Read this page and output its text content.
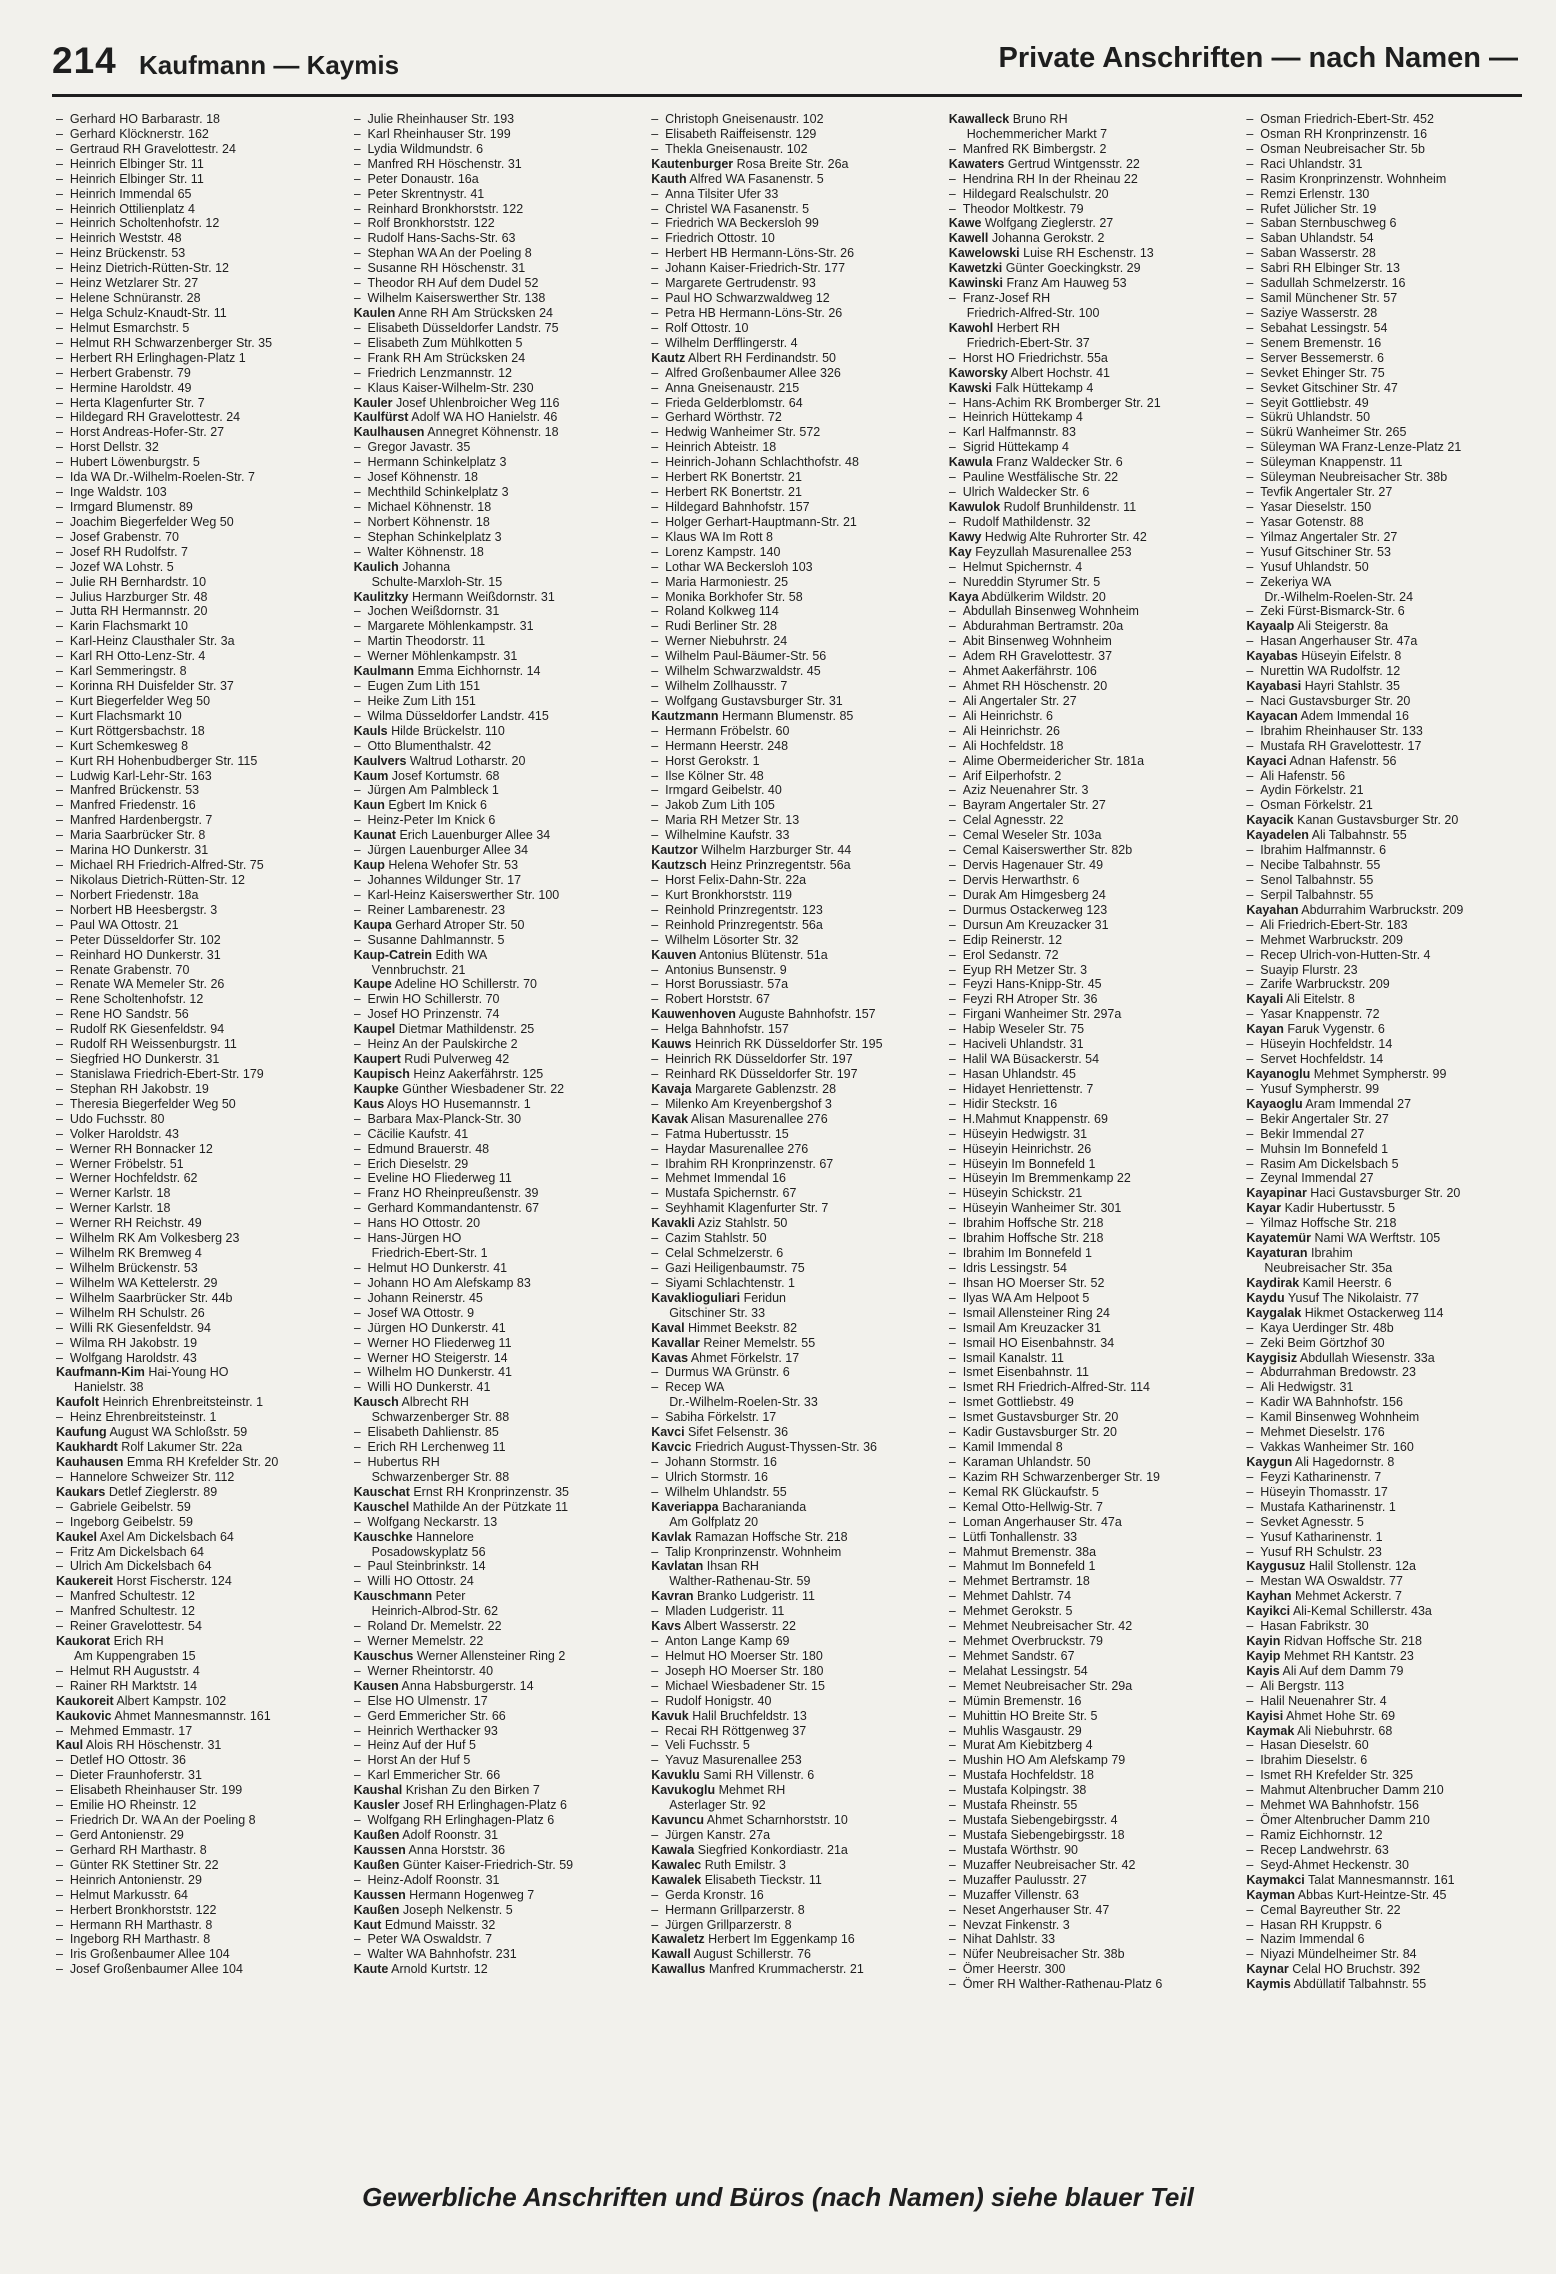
214 Kaufmann — Kaymis	Private Anschriften — nach Namen —
–  Gerhard HO Barbarastr. 18
–  Gerhard Klöcknerstr. 162
–  Gertraud RH Gravelottestr. 24
–  Heinrich Elbinger Str. 11
–  Heinrich Elbinger Str. 11
–  Heinrich Immendal 65
–  Heinrich Ottilienplatz 4
–  Heinrich Scholtenhofstr. 12
–  Heinrich Weststr. 48
–  Heinz Brückenstr. 53
–  Heinz Dietrich-Rütten-Str. 12
–  Heinz Wetzlarer Str. 27
–  Helene Schnüranstr. 28
–  Helga Schulz-Knaudt-Str. 11
–  Helmut Esmarchstr. 5
–  Helmut RH Schwarzenberger Str. 35
–  Herbert RH Erlinghagen-Platz 1
–  Herbert Grabenstr. 79
–  Hermine Haroldstr. 49
–  Herta Klagenfurter Str. 7
–  Hildegard RH Gravelottestr. 24
–  Horst Andreas-Hofer-Str. 27
–  Horst Dellstr. 32
–  Hubert Löwenburgstr. 5
–  Ida WA Dr.-Wilhelm-Roelen-Str. 7
–  Inge Waldstr. 103
–  Irmgard Blumenstr. 89
–  Joachim Biegerfelder Weg 50
–  Josef Grabenstr. 70
–  Josef RH Rudolfstr. 7
–  Jozef WA Lohstr. 5
–  Julie RH Bernhardstr. 10
–  Julius Harzburger Str. 48
–  Jutta RH Hermannstr. 20
–  Karin Flachsmarkt 10
–  Karl-Heinz Clausthaler Str. 3a
–  Karl RH Otto-Lenz-Str. 4
–  Karl Semmeringstr. 8
–  Korinna RH Duisfelder Str. 37
–  Kurt Biegerfelder Weg 50
–  Kurt Flachsmarkt 10
–  Kurt Röttgersbachstr. 18
–  Kurt Schemkesweg 8
–  Kurt RH Hohenbudberger Str. 115
–  Ludwig Karl-Lehr-Str. 163
–  Manfred Brückenstr. 53
–  Manfred Friedenstr. 16
–  Manfred Hardenbergstr. 7
–  Maria Saarbrücker Str. 8
–  Marina HO Dunkerstr. 31
–  Michael RH Friedrich-Alfred-Str. 75
–  Nikolaus Dietrich-Rütten-Str. 12
–  Norbert Friedenstr. 18a
–  Norbert HB Heesbergstr. 3
–  Paul WA Ottostr. 21
–  Peter Düsseldorfer Str. 102
–  Reinhard HO Dunkerstr. 31
–  Renate Grabenstr. 70
–  Renate WA Memeler Str. 26
–  Rene Scholtenhofstr. 12
–  Rene HO Sandstr. 56
–  Rudolf RK Giesenfeldstr. 94
–  Rudolf RH Weissenburgstr. 11
–  Siegfried HO Dunkerstr. 31
–  Stanislawa Friedrich-Ebert-Str. 179
–  Stephan RH Jakobstr. 19
–  Theresia Biegerfelder Weg 50
–  Udo Fuchsstr. 80
–  Volker Haroldstr. 43
–  Werner RH Bonnacker 12
–  Werner Fröbelstr. 51
–  Werner Hochfeldstr. 62
–  Werner Karlstr. 18
–  Werner Karlstr. 18
–  Werner RH Reichstr. 49
–  Wilhelm RK Am Volkesberg 23
–  Wilhelm RK Bremweg 4
–  Wilhelm Brückenstr. 53
–  Wilhelm WA Kettelerstr. 29
–  Wilhelm Saarbrücker Str. 44b
–  Wilhelm RH Schulstr. 26
–  Willi RK Giesenfeldstr. 94
–  Wilma RH Jakobstr. 19
–  Wolfgang Haroldstr. 43
Kaufmann-Kim Hai-Young HO
Hanielstr. 38
Kaufolt Heinrich Ehrenbreitsteinstr. 1
–  Heinz Ehrenbreitsteinstr. 1
Kaufung August WA Schloßstr. 59
Kaukhardt Rolf Lakumer Str. 22a
Kauhausen Emma RH Krefelder Str. 20
–  Hannelore Schweizer Str. 112
Kaukars Detlef Zieglerstr. 89
–  Gabriele Geibelstr. 59
–  Ingeborg Geibelstr. 59
Kaukel Axel Am Dickelsbach 64
–  Fritz Am Dickelsbach 64
–  Ulrich Am Dickelsbach 64
Kaukereit Horst Fischerstr. 124
–  Manfred Schultestr. 12
–  Manfred Schultestr. 12
–  Reiner Gravelottestr. 54
Kaukorat Erich RH
Am Kuppengraben 15
–  Helmut RH Auguststr. 4
–  Rainer RH Marktstr. 14
Kaukoreit Albert Kampstr. 102
Kaukovic Ahmet Mannesmannstr. 161
–  Mehmed Emmastr. 17
Kaul Alois RH Höschenstr. 31
–  Detlef HO Ottostr. 36
–  Dieter Fraunhoferstr. 31
–  Elisabeth Rheinhauser Str. 199
–  Emilie HO Rheinstr. 12
–  Friedrich Dr. WA An der Poeling 8
–  Gerd Antonienstr. 29
–  Gerhard RH Marthastr. 8
–  Günter RK Stettiner Str. 22
–  Heinrich Antonienstr. 29
–  Helmut Markusstr. 64
–  Herbert Bronkhorststr. 122
–  Hermann RH Marthastr. 8
–  Ingeborg RH Marthastr. 8
–  Iris Großenbaumer Allee 104
–  Josef Großenbaumer Allee 104
–  Julie Rheinhauser Str. 193
–  Karl Rheinhauser Str. 199
–  Lydia Wildmundstr. 6
–  Manfred RH Höschenstr. 31
–  Peter Donaustr. 16a
–  Peter Skrentnystr. 41
–  Reinhard Bronkhorststr. 122
–  Rolf Bronkhorststr. 122
–  Rudolf Hans-Sachs-Str. 63
–  Stephan WA An der Poeling 8
–  Susanne RH Höschenstr. 31
–  Theodor RH Auf dem Dudel 52
–  Wilhelm Kaiserswerther Str. 138
Kaulen Anne RH Am Strücksken 24
–  Elisabeth Düsseldorfer Landstr. 75
–  Elisabeth Zum Mühlkotten 5
–  Frank RH Am Strücksken 24
–  Friedrich Lenzmannstr. 12
–  Klaus Kaiser-Wilhelm-Str. 230
Kauler Josef Uhlenbroicher Weg 116
Kaulfürst Adolf WA HO Hanielstr. 46
Kaulhausen Annegret Köhnenstr. 18
–  Gregor Javastr. 35
–  Hermann Schinkelplatz 3
–  Josef Köhnenstr. 18
–  Mechthild Schinkelplatz 3
–  Michael Köhnenstr. 18
–  Norbert Köhnenstr. 18
–  Stephan Schinkelplatz 3
–  Walter Köhnenstr. 18
Kaulich Johanna
Schulte-Marxloh-Str. 15
Kaulitzky Hermann Weißdornstr. 31
–  Jochen Weißdornstr. 31
–  Margarete Möhlenkampstr. 31
–  Martin Theodorstr. 11
–  Werner Möhlenkampstr. 31
Kaulmann Emma Eichhornstr. 14
–  Eugen Zum Lith 151
–  Heike Zum Lith 151
–  Wilma Düsseldorfer Landstr. 415
Kauls Hilde Brückelstr. 110
–  Otto Blumenthalstr. 42
Kaulvers Waltrud Lotharstr. 20
Kaum Josef Kortumstr. 68
–  Jürgen Am Palmbleck 1
Kaun Egbert Im Knick 6
–  Heinz-Peter Im Knick 6
Kaunat Erich Lauenburger Allee 34
–  Jürgen Lauenburger Allee 34
Kaup Helena Wehofer Str. 53
–  Johannes Wildunger Str. 17
–  Karl-Heinz Kaiserswerther Str. 100
–  Reiner Lambarenestr. 23
Kaupa Gerhard Atroper Str. 50
–  Susanne Dahlmannstr. 5
Kaup-Catrein Edith WA
Vennbruchstr. 21
Kaupe Adeline HO Schillerstr. 70
–  Erwin HO Schillerstr. 70
–  Josef HO Prinzenstr. 74
Kaupel Dietmar Mathildenstr. 25
–  Heinz An der Paulskirche 2
Kaupert Rudi Pulverweg 42
Kaupisch Heinz Aakerfährstr. 125
Kaupke Günther Wiesbadener Str. 22
Kaus Aloys HO Husemannstr. 1
–  Barbara Max-Planck-Str. 30
–  Cäcilie Kaufstr. 41
–  Edmund Brauerstr. 48
–  Erich Dieselstr. 29
–  Eveline HO Fliederweg 11
–  Franz HO Rheinpreußenstr. 39
–  Gerhard Kommandantenstr. 67
–  Hans HO Ottostr. 20
–  Hans-Jürgen HO
Friedrich-Ebert-Str. 1
–  Helmut HO Dunkerstr. 41
–  Johann HO Am Alefskamp 83
–  Johann Reinerstr. 45
–  Josef WA Ottostr. 9
–  Jürgen HO Dunkerstr. 41
–  Werner HO Fliederweg 11
–  Werner HO Steigerstr. 14
–  Wilhelm HO Dunkerstr. 41
–  Willi HO Dunkerstr. 41
Kausch Albrecht RH
Schwarzenberger Str. 88
–  Elisabeth Dahlienstr. 85
–  Erich RH Lerchenweg 11
–  Hubertus RH
Schwarzenberger Str. 88
Kauschat Ernst RH Kronprinzenstr. 35
Kauschel Mathilde An der Pützkate 11
–  Wolfgang Neckarstr. 13
Kauschke Hannelore
Posadowskyplatz 56
–  Paul Steinbrinkstr. 14
–  Willi HO Ottostr. 24
Kauschmann Peter
Heinrich-Albrod-Str. 62
–  Roland Dr. Memelstr. 22
–  Werner Memelstr. 22
Kauschus Werner Allensteiner Ring 2
–  Werner Rheintorstr. 40
Kausen Anna Habsburgerstr. 14
–  Else HO Ulmenstr. 17
–  Gerd Emmericher Str. 66
–  Heinrich Werthacker 93
–  Heinz Auf der Huf 5
–  Horst An der Huf 5
–  Karl Emmericher Str. 66
Kaushal Krishan Zu den Birken 7
Kausler Josef RH Erlinghagen-Platz 6
–  Wolfgang RH Erlinghagen-Platz 6
Kaußen Adolf Roonstr. 31
Kaussen Anna Horststr. 36
Kaußen Günter Kaiser-Friedrich-Str. 59
–  Heinz-Adolf Roonstr. 31
Kaussen Hermann Hogenweg 7
Kaußen Joseph Nelkenstr. 5
Kaut Edmund Maisstr. 32
–  Peter WA Oswaldstr. 7
–  Walter WA Bahnhofstr. 231
Kaute Arnold Kurtstr. 12
–  Christoph Gneisenaustr. 102
–  Elisabeth Raiffeisenstr. 129
–  Thekla Gneisenaustr. 102
Kautenburger Rosa Breite Str. 26a
Kauth Alfred WA Fasanenstr. 5
–  Anna Tilsiter Ufer 33
–  Christel WA Fasanenstr. 5
–  Friedrich WA Beckersloh 99
–  Friedrich Ottostr. 10
–  Herbert HB Hermann-Löns-Str. 26
–  Johann Kaiser-Friedrich-Str. 177
–  Margarete Gertrudenstr. 93
–  Paul HO Schwarzwaldweg 12
–  Petra HB Hermann-Löns-Str. 26
–  Rolf Ottostr. 10
–  Wilhelm Derfflingerstr. 4
Kautz Albert RH Ferdinandstr. 50
–  Alfred Großenbaumer Allee 326
–  Anna Gneisenaustr. 215
–  Frieda Gelderblomstr. 64
–  Gerhard Wörthstr. 72
–  Hedwig Wanheimer Str. 572
–  Heinrich Abteistr. 18
–  Heinrich-Johann Schlachthofstr. 48
–  Herbert RK Bonertstr. 21
–  Herbert RK Bonertstr. 21
–  Hildegard Bahnhofstr. 157
–  Holger Gerhart-Hauptmann-Str. 21
–  Klaus WA Im Rott 8
–  Lorenz Kampstr. 140
–  Lothar WA Beckersloh 103
–  Maria Harmoniestr. 25
–  Monika Borkhofer Str. 58
–  Roland Kolkweg 114
–  Rudi Berliner Str. 28
–  Werner Niebuhrstr. 24
–  Wilhelm Paul-Bäumer-Str. 56
–  Wilhelm Schwarzwaldstr. 45
–  Wilhelm Zollhausstr. 7
–  Wolfgang Gustavsburger Str. 31
Kautzmann Hermann Blumenstr. 85
–  Hermann Fröbelstr. 60
–  Hermann Heerstr. 248
–  Horst Gerokstr. 1
–  Ilse Kölner Str. 48
–  Irmgard Geibelstr. 40
–  Jakob Zum Lith 105
–  Maria RH Metzer Str. 13
–  Wilhelmine Kaufstr. 33
Kautzor Wilhelm Harzburger Str. 44
Kautzsch Heinz Prinzregentstr. 56a
–  Horst Felix-Dahn-Str. 22a
–  Kurt Bronkhorststr. 119
–  Reinhold Prinzregentstr. 123
–  Reinhold Prinzregentstr. 56a
–  Wilhelm Lösorter Str. 32
Kauven Antonius Blütenstr. 51a
–  Antonius Bunsenstr. 9
–  Horst Borussiastr. 57a
–  Robert Horststr. 67
Kauwenhoven Auguste Bahnhofstr. 157
–  Helga Bahnhofstr. 157
Kauws Heinrich RK Düsseldorfer Str. 195
–  Heinrich RK Düsseldorfer Str. 197
–  Reinhard RK Düsseldorfer Str. 197
Kavaja Margarete Gablenzstr. 28
–  Milenko Am Kreyenbergshof 3
Kavak Alisan Masurenallee 276
–  Fatma Hubertusstr. 15
–  Haydar Masurenallee 276
–  Ibrahim RH Kronprinzenstr. 67
–  Mehmet Immendal 16
–  Mustafa Spichernstr. 67
–  Seyhhamit Klagenfurter Str. 7
Kavakli Aziz Stahlstr. 50
–  Cazim Stahlstr. 50
–  Celal Schmelzerstr. 6
–  Gazi Heiligenbaumstr. 75
–  Siyami Schlachtenstr. 1
Kavaklioguliari Feridun
Gitschiner Str. 33
Kaval Himmet Beekstr. 82
Kavallar Reiner Memelstr. 55
Kavas Ahmet Förkelstr. 17
–  Durmus WA Grünstr. 6
–  Recep WA
Dr.-Wilhelm-Roelen-Str. 33
–  Sabiha Förkelstr. 17
Kavci Sifet Felsenstr. 36
Kavcic Friedrich August-Thyssen-Str. 36
–  Johann Stormstr. 16
–  Ulrich Stormstr. 16
–  Wilhelm Uhlandstr. 55
Kaveriappa Bacharanianda
Am Golfplatz 20
Kavlak Ramazan Hoffsche Str. 218
–  Talip Kronprinzenstr. Wohnheim
Kavlatan Ihsan RH
Walther-Rathenau-Str. 59
Kavran Branko Ludgeristr. 11
–  Mladen Ludgeristr. 11
Kavs Albert Wasserstr. 22
–  Anton Lange Kamp 69
–  Helmut HO Moerser Str. 180
–  Joseph HO Moerser Str. 180
–  Michael Wiesbadener Str. 15
–  Rudolf Honigstr. 40
Kavuk Halil Bruchfeldstr. 13
–  Recai RH Röttgenweg 37
–  Veli Fuchsstr. 5
–  Yavuz Masurenallee 253
Kavuklu Sami RH Villenstr. 6
Kavukoglu Mehmet RH
Asterlager Str. 92
Kavuncu Ahmet Scharnhorststr. 10
–  Jürgen Kanstr. 27a
Kawala Siegfried Konkordiastr. 21a
Kawalec Ruth Emilstr. 3
Kawalek Elisabeth Tieckstr. 11
–  Gerda Kronstr. 16
–  Hermann Grillparzerstr. 8
–  Jürgen Grillparzerstr. 8
Kawaletz Herbert Im Eggenkamp 16
Kawall August Schillerstr. 76
Kawallus Manfred Krummacherstr. 21
Kawalleck Bruno RH
Hochemmericher Markt 7
–  Manfred RK Bimbergstr. 2
Kawaters Gertrud Wintgensstr. 22
–  Hendrina RH In der Rheinau 22
–  Hildegard Realschulstr. 20
–  Theodor Moltkestr. 79
Kawe Wolfgang Zieglerstr. 27
Kawell Johanna Gerokstr. 2
Kawelowski Luise RH Eschenstr. 13
Kawetzki Günter Goeckingkstr. 29
Kawinski Franz Am Hauweg 53
–  Franz-Josef RH
Friedrich-Alfred-Str. 100
Kawohl Herbert RH
Friedrich-Ebert-Str. 37
–  Horst HO Friedrichstr. 55a
Kaworsky Albert Hochstr. 41
Kawski Falk Hüttekamp 4
–  Hans-Achim RK Bromberger Str. 21
–  Heinrich Hüttekamp 4
–  Karl Halfmannstr. 83
–  Sigrid Hüttekamp 4
Kawula Franz Waldecker Str. 6
–  Pauline Westfälische Str. 22
–  Ulrich Waldecker Str. 6
Kawulok Rudolf Brunhildenstr. 11
–  Rudolf Mathildenstr. 32
Kawy Hedwig Alte Ruhrorter Str. 42
Kay Feyzullah Masurenallee 253
–  Helmut Spichernstr. 4
–  Nureddin Styrumer Str. 5
Kaya Abdülkerim Wildstr. 20
–  Abdullah Binsenweg Wohnheim
–  Abdurahman Bertramstr. 20a
–  Abit Binsenweg Wohnheim
–  Adem RH Gravelottestr. 37
–  Ahmet Aakerfährstr. 106
–  Ahmet RH Höschenstr. 20
–  Ali Angertaler Str. 27
–  Ali Heinrichstr. 6
–  Ali Heinrichstr. 26
–  Ali Hochfeldstr. 18
–  Alime Obermeidericher Str. 181a
–  Arif Eilperhofstr. 2
–  Aziz Neuenahrer Str. 3
–  Bayram Angertaler Str. 27
–  Celal Agnesstr. 22
–  Cemal Weseler Str. 103a
–  Cemal Kaiserswerther Str. 82b
–  Dervis Hagenauer Str. 49
–  Dervis Herwarthstr. 6
–  Durak Am Himgesberg 24
–  Durmus Ostackerweg 123
–  Dursun Am Kreuzacker 31
–  Edip Reinerstr. 12
–  Erol Sedanstr. 72
–  Eyup RH Metzer Str. 3
–  Feyzi Hans-Knipp-Str. 45
–  Feyzi RH Atroper Str. 36
–  Firgani Wanheimer Str. 297a
–  Habip Weseler Str. 75
–  Haciveli Uhlandstr. 31
–  Halil WA Büsackerstr. 54
–  Hasan Uhlandstr. 45
–  Hidayet Henriettenstr. 7
–  Hidir Steckstr. 16
–  H.Mahmut Knappenstr. 69
–  Hüseyin Hedwigstr. 31
–  Hüseyin Heinrichstr. 26
–  Hüseyin Im Bonnefeld 1
–  Hüseyin Im Bremmenkamp 22
–  Hüseyin Schickstr. 21
–  Hüseyin Wanheimer Str. 301
–  Ibrahim Hoffsche Str. 218
–  Ibrahim Hoffsche Str. 218
–  Ibrahim Im Bonnefeld 1
–  Idris Lessingstr. 54
–  Ihsan HO Moerser Str. 52
–  Ilyas WA Am Helpoot 5
–  Ismail Allensteiner Ring 24
–  Ismail Am Kreuzacker 31
–  Ismail HO Eisenbahnstr. 34
–  Ismail Kanalstr. 11
–  Ismet Eisenbahnstr. 11
–  Ismet RH Friedrich-Alfred-Str. 114
–  Ismet Gottliebstr. 49
–  Ismet Gustavsburger Str. 20
–  Kadir Gustavsburger Str. 20
–  Kamil Immendal 8
–  Karaman Uhlandstr. 50
–  Kazim RH Schwarzenberger Str. 19
–  Kemal RK Glückaufstr. 5
–  Kemal Otto-Hellwig-Str. 7
–  Loman Angerhauser Str. 47a
–  Lütfi Tonhallenstr. 33
–  Mahmut Bremenstr. 38a
–  Mahmut Im Bonnefeld 1
–  Mehmet Bertramstr. 18
–  Mehmet Dahlstr. 74
–  Mehmet Gerokstr. 5
–  Mehmet Neubreisacher Str. 42
–  Mehmet Overbruckstr. 79
–  Mehmet Sandstr. 67
–  Melahat Lessingstr. 54
–  Memet Neubreisacher Str. 29a
–  Mümin Bremenstr. 16
–  Muhittin HO Breite Str. 5
–  Muhlis Wasgaustr. 29
–  Murat Am Kiebitzberg 4
–  Mushin HO Am Alefskamp 79
–  Mustafa Hochfeldstr. 18
–  Mustafa Kolpingstr. 38
–  Mustafa Rheinstr. 55
–  Mustafa Siebengebirgsstr. 4
–  Mustafa Siebengebirgsstr. 18
–  Mustafa Wörthstr. 90
–  Muzaffer Neubreisacher Str. 42
–  Muzaffer Paulusstr. 27
–  Muzaffer Villenstr. 63
–  Neset Angerhauser Str. 47
–  Nevzat Finkenstr. 3
–  Nihat Dahlstr. 33
–  Nüfer Neubreisacher Str. 38b
–  Ömer Heerstr. 300
–  Ömer RH Walther-Rathenau-Platz 6
–  Osman Friedrich-Ebert-Str. 452
–  Osman RH Kronprinzenstr. 16
–  Osman Neubreisacher Str. 5b
–  Raci Uhlandstr. 31
–  Rasim Kronprinzenstr. Wohnheim
–  Remzi Erlenstr. 130
–  Rufet Jülicher Str. 19
–  Saban Sternbuschweg 6
–  Saban Uhlandstr. 54
–  Saban Wasserstr. 28
–  Sabri RH Elbinger Str. 13
–  Sadullah Schmelzerstr. 16
–  Samil Münchener Str. 57
–  Saziye Wasserstr. 28
–  Sebahat Lessingstr. 54
–  Senem Bremenstr. 16
–  Server Bessemerstr. 6
–  Sevket Ehinger Str. 75
–  Sevket Gitschiner Str. 47
–  Seyit Gottliebstr. 49
–  Sükrü Uhlandstr. 50
–  Sükrü Wanheimer Str. 265
–  Süleyman WA Franz-Lenze-Platz 21
–  Süleyman Knappenstr. 11
–  Süleyman Neubreisacher Str. 38b
–  Tevfik Angertaler Str. 27
–  Yasar Dieselstr. 150
–  Yasar Gotenstr. 88
–  Yilmaz Angertaler Str. 27
–  Yusuf Gitschiner Str. 53
–  Yusuf Uhlandstr. 50
–  Zekeriya WA
Dr.-Wilhelm-Roelen-Str. 24
–  Zeki Fürst-Bismarck-Str. 6
Kayaalp Ali Steigerstr. 8a
–  Hasan Angerhauser Str. 47a
Kayabas Hüseyin Eifelstr. 8
–  Nurettin WA Rudolfstr. 12
Kayabasi Hayri Stahlstr. 35
–  Naci Gustavsburger Str. 20
Kayacan Adem Immendal 16
–  Ibrahim Rheinhauser Str. 133
–  Mustafa RH Gravelottestr. 17
Kayaci Adnan Hafenstr. 56
–  Ali Hafenstr. 56
–  Aydin Förkelstr. 21
–  Osman Förkelstr. 21
Kayacik Kanan Gustavsburger Str. 20
Kayadelen Ali Talbahnstr. 55
–  Ibrahim Halfmannstr. 6
–  Necibe Talbahnstr. 55
–  Senol Talbahnstr. 55
–  Serpil Talbahnstr. 55
Kayahan Abdurrahim Warbruckstr. 209
–  Ali Friedrich-Ebert-Str. 183
–  Mehmet Warbruckstr. 209
–  Recep Ulrich-von-Hutten-Str. 4
–  Suayip Flurstr. 23
–  Zarife Warbruckstr. 209
Kayali Ali Eitelstr. 8
–  Yasar Knappenstr. 72
Kayan Faruk Vygenstr. 6
–  Hüseyin Hochfeldstr. 14
–  Servet Hochfeldstr. 14
Kayanoglu Mehmet Sympherstr. 99
–  Yusuf Sympherstr. 99
Kayaoglu Aram Immendal 27
–  Bekir Angertaler Str. 27
–  Bekir Immendal 27
–  Muhsin Im Bonnefeld 1
–  Rasim Am Dickelsbach 5
–  Zeynal Immendal 27
Kayapinar Haci Gustavsburger Str. 20
Kayar Kadir Hubertusstr. 5
–  Yilmaz Hoffsche Str. 218
Kayatemür Nami WA Werftstr. 105
Kayaturan Ibrahim
Neubreisacher Str. 35a
Kaydirak Kamil Heerstr. 6
Kaydu Yusuf The Nikolaistr. 77
Kaygalak Hikmet Ostackerweg 114
–  Kaya Uerdinger Str. 48b
–  Zeki Beim Görtzhof 30
Kaygisiz Abdullah Wiesenstr. 33a
–  Abdurrahman Bredowstr. 23
–  Ali Hedwigstr. 31
–  Kadir WA Bahnhofstr. 156
–  Kamil Binsenweg Wohnheim
–  Mehmet Dieselstr. 176
–  Vakkas Wanheimer Str. 160
Kaygun Ali Hagedornstr. 8
–  Feyzi Katharinenstr. 7
–  Hüseyin Thomasstr. 17
–  Mustafa Katharinenstr. 1
–  Sevket Agnesstr. 5
–  Yusuf Katharinenstr. 1
–  Yusuf RH Schulstr. 23
Kaygusuz Halil Stollenstr. 12a
–  Mestan WA Oswaldstr. 77
Kayhan Mehmet Ackerstr. 7
Kayikci Ali-Kemal Schillerstr. 43a
–  Hasan Fabrikstr. 30
Kayin Ridvan Hoffsche Str. 218
Kayip Mehmet RH Kantstr. 23
Kayis Ali Auf dem Damm 79
–  Ali Bergstr. 113
–  Halil Neuenahrer Str. 4
Kayisi Ahmet Hohe Str. 69
Kaymak Ali Niebuhrstr. 68
–  Hasan Dieselstr. 60
–  Ibrahim Dieselstr. 6
–  Ismet RH Krefelder Str. 325
–  Mahmut Altenbrucher Damm 210
–  Mehmet WA Bahnhofstr. 156
–  Ömer Altenbrucher Damm 210
–  Ramiz Eichhornstr. 12
–  Recep Landwehrstr. 63
–  Seyd-Ahmet Heckenstr. 30
Kaymakci Talat Mannesmannstr. 161
Kayman Abbas Kurt-Heintze-Str. 45
–  Cemal Bayreuther Str. 22
–  Hasan RH Kruppstr. 6
–  Nazim Immendal 6
–  Niyazi Mündelheimer Str. 84
Kaynar Celal HO Bruchstr. 392
Kaymis Abdüllatif Talbahnstr. 55
Gewerbliche Anschriften und Büros (nach Namen) siehe blauer Teil
